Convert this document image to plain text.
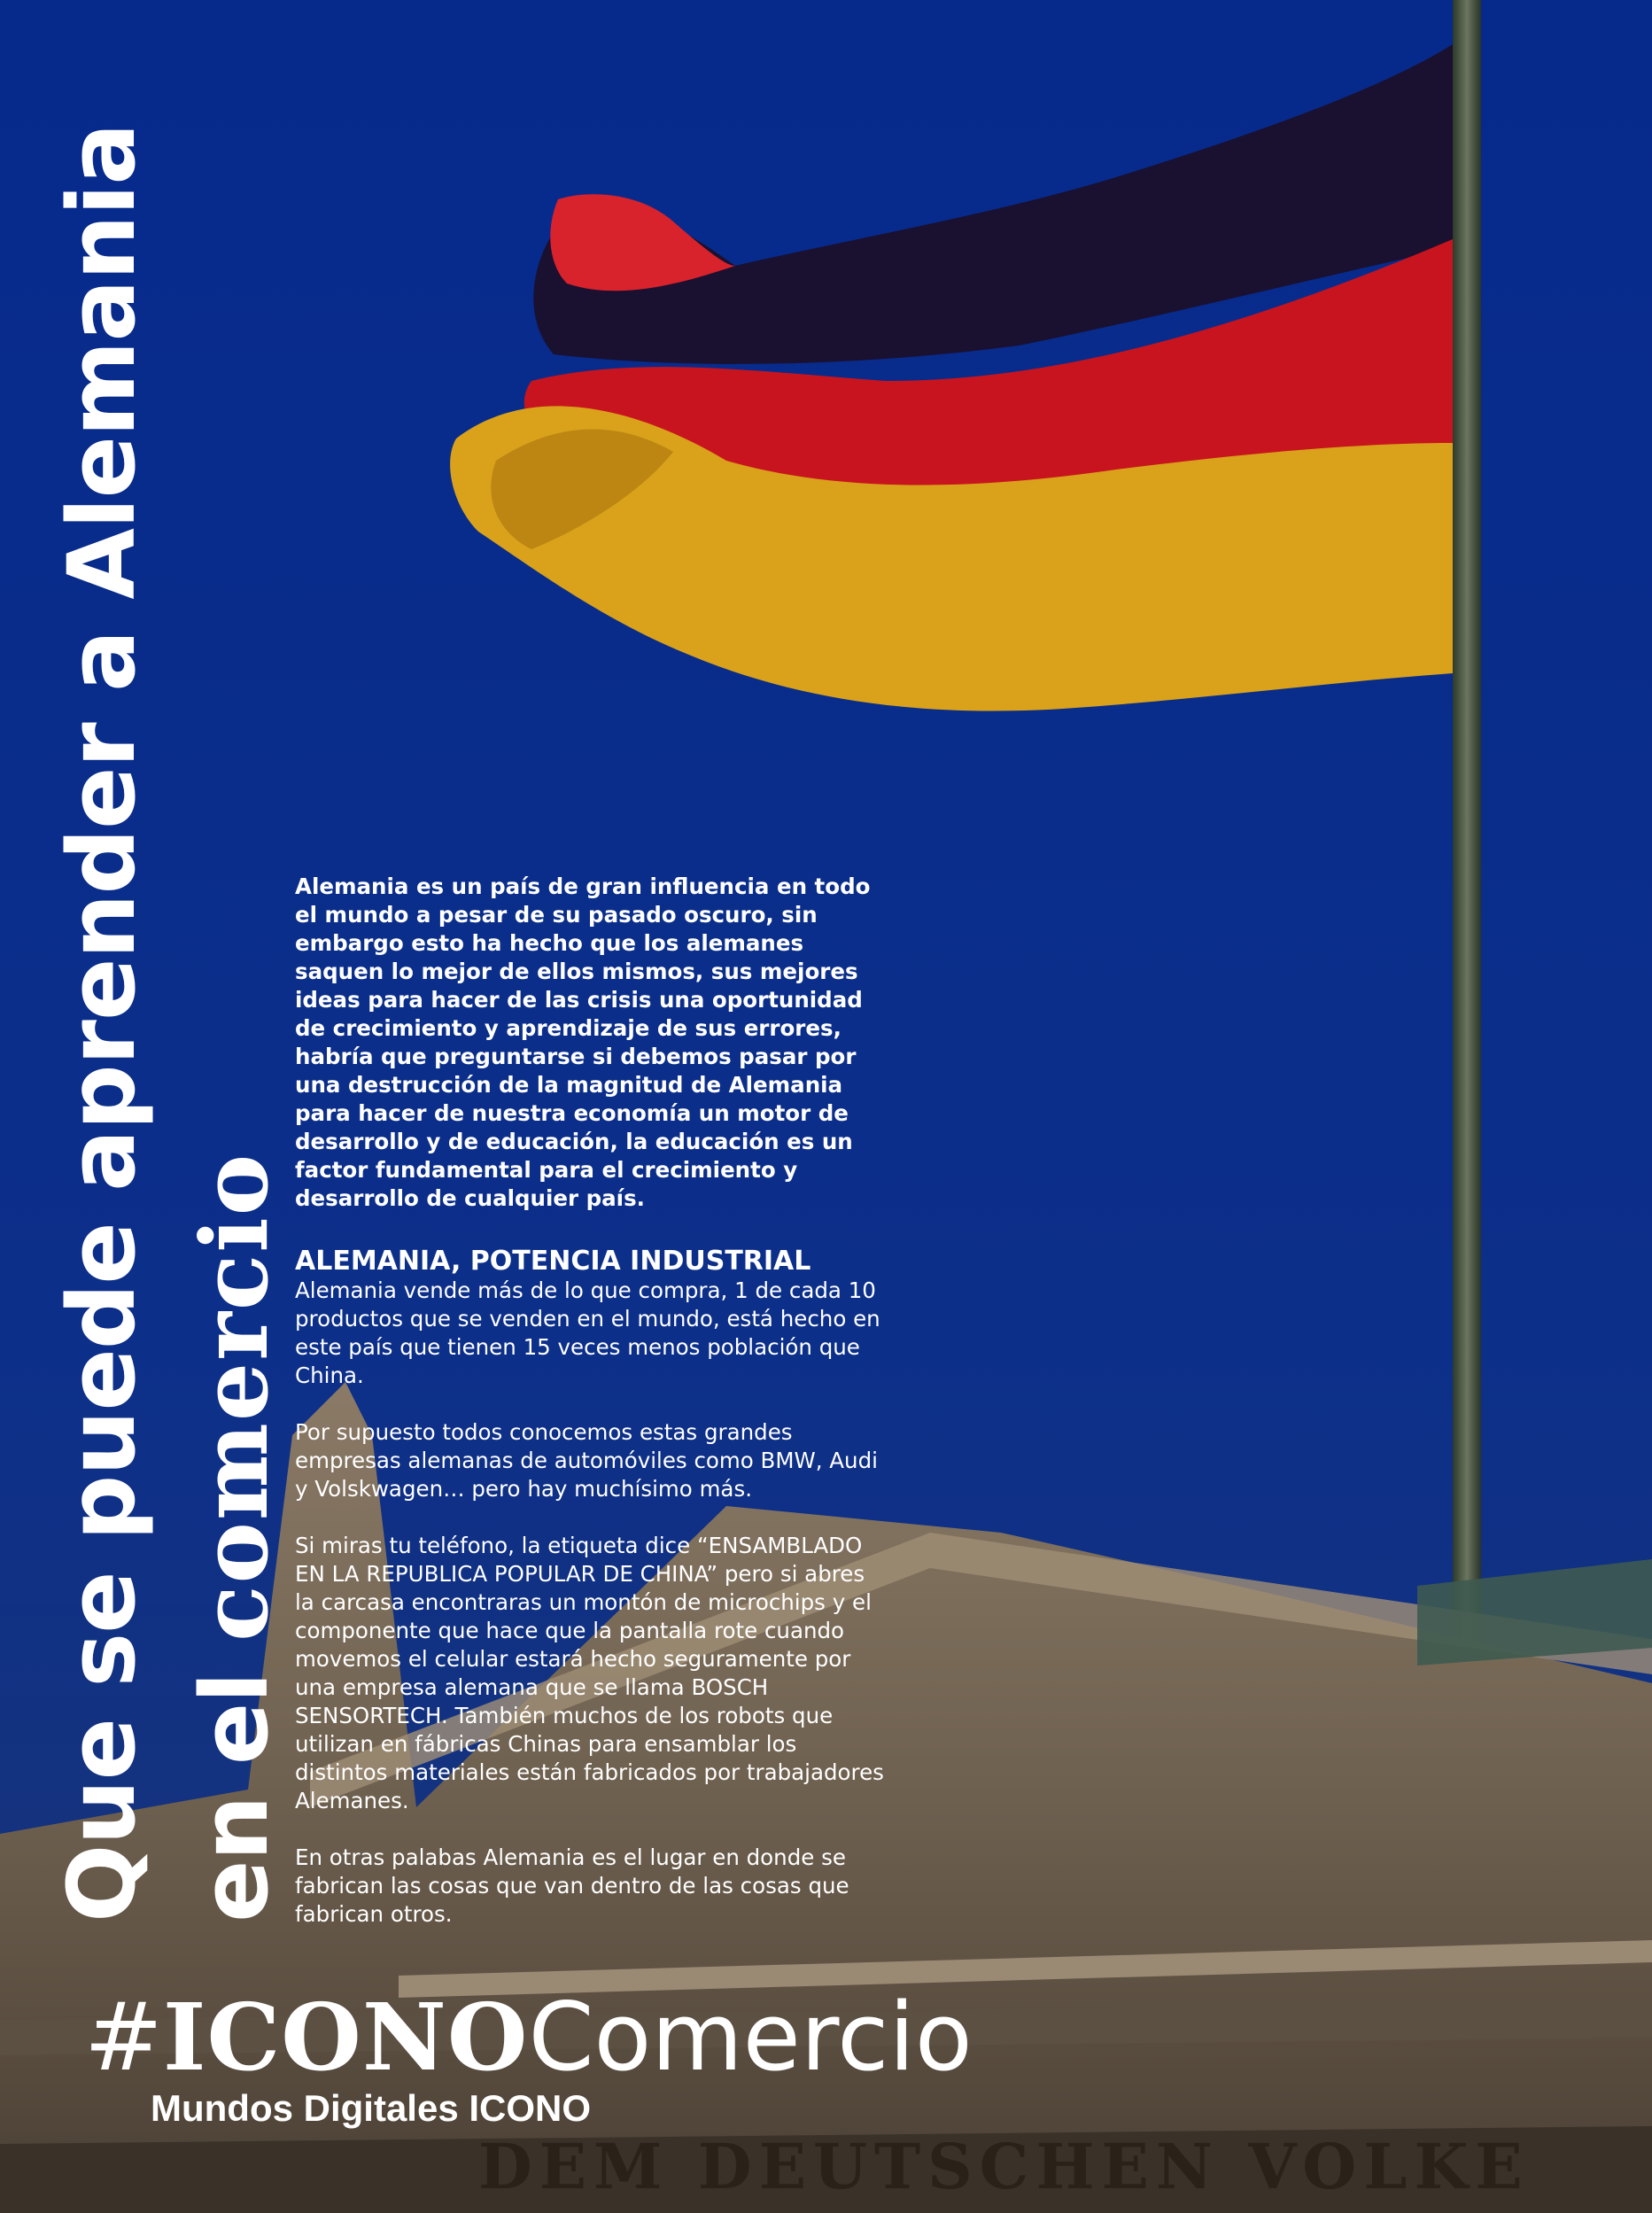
DEM DEUTSCHEN VOLKE
Que se puede aprender a Alemania en el comercio

Alemania es un país de gran influencia en todo el mundo a pesar de su pasado oscuro, sin embargo esto ha hecho que los alemanes saquen lo mejor de ellos mismos, sus mejores ideas para hacer de las crisis una oportunidad de crecimiento y aprendizaje de sus errores, habría que preguntarse si debemos pasar por una destrucción de la magnitud de Alemania para hacer de nuestra economía un motor de desarrollo y de educación, la educación es un factor fundamental para el crecimiento y desarrollo de cualquier país.

ALEMANIA, POTENCIA INDUSTRIAL

Alemania vende más de lo que compra, 1 de cada 10 productos que se venden en el mundo, está hecho en este país que tienen 15 veces menos población que China.

Por supuesto todos conocemos estas grandes empresas alemanas de automóviles como BMW, Audi y Volskwagen… pero hay muchísimo más.

Si miras tu teléfono, la etiqueta dice “ENSAMBLADO EN LA REPUBLICA POPULAR DE CHINA” pero si abres la carcasa encontraras un montón de microchips y el componente que hace que la pantalla rote cuando movemos el celular estará hecho seguramente por una empresa alemana que se llama BOSCH SENSORTECH. También muchos de los robots que utilizan en fábricas Chinas para ensamblar los distintos materiales están fabricados por trabajadores Alemanes.

En otras palabas Alemania es el lugar en donde se fabrican las cosas que van dentro de las cosas que fabrican otros.

#ICONOComercio
Mundos Digitales ICONO
